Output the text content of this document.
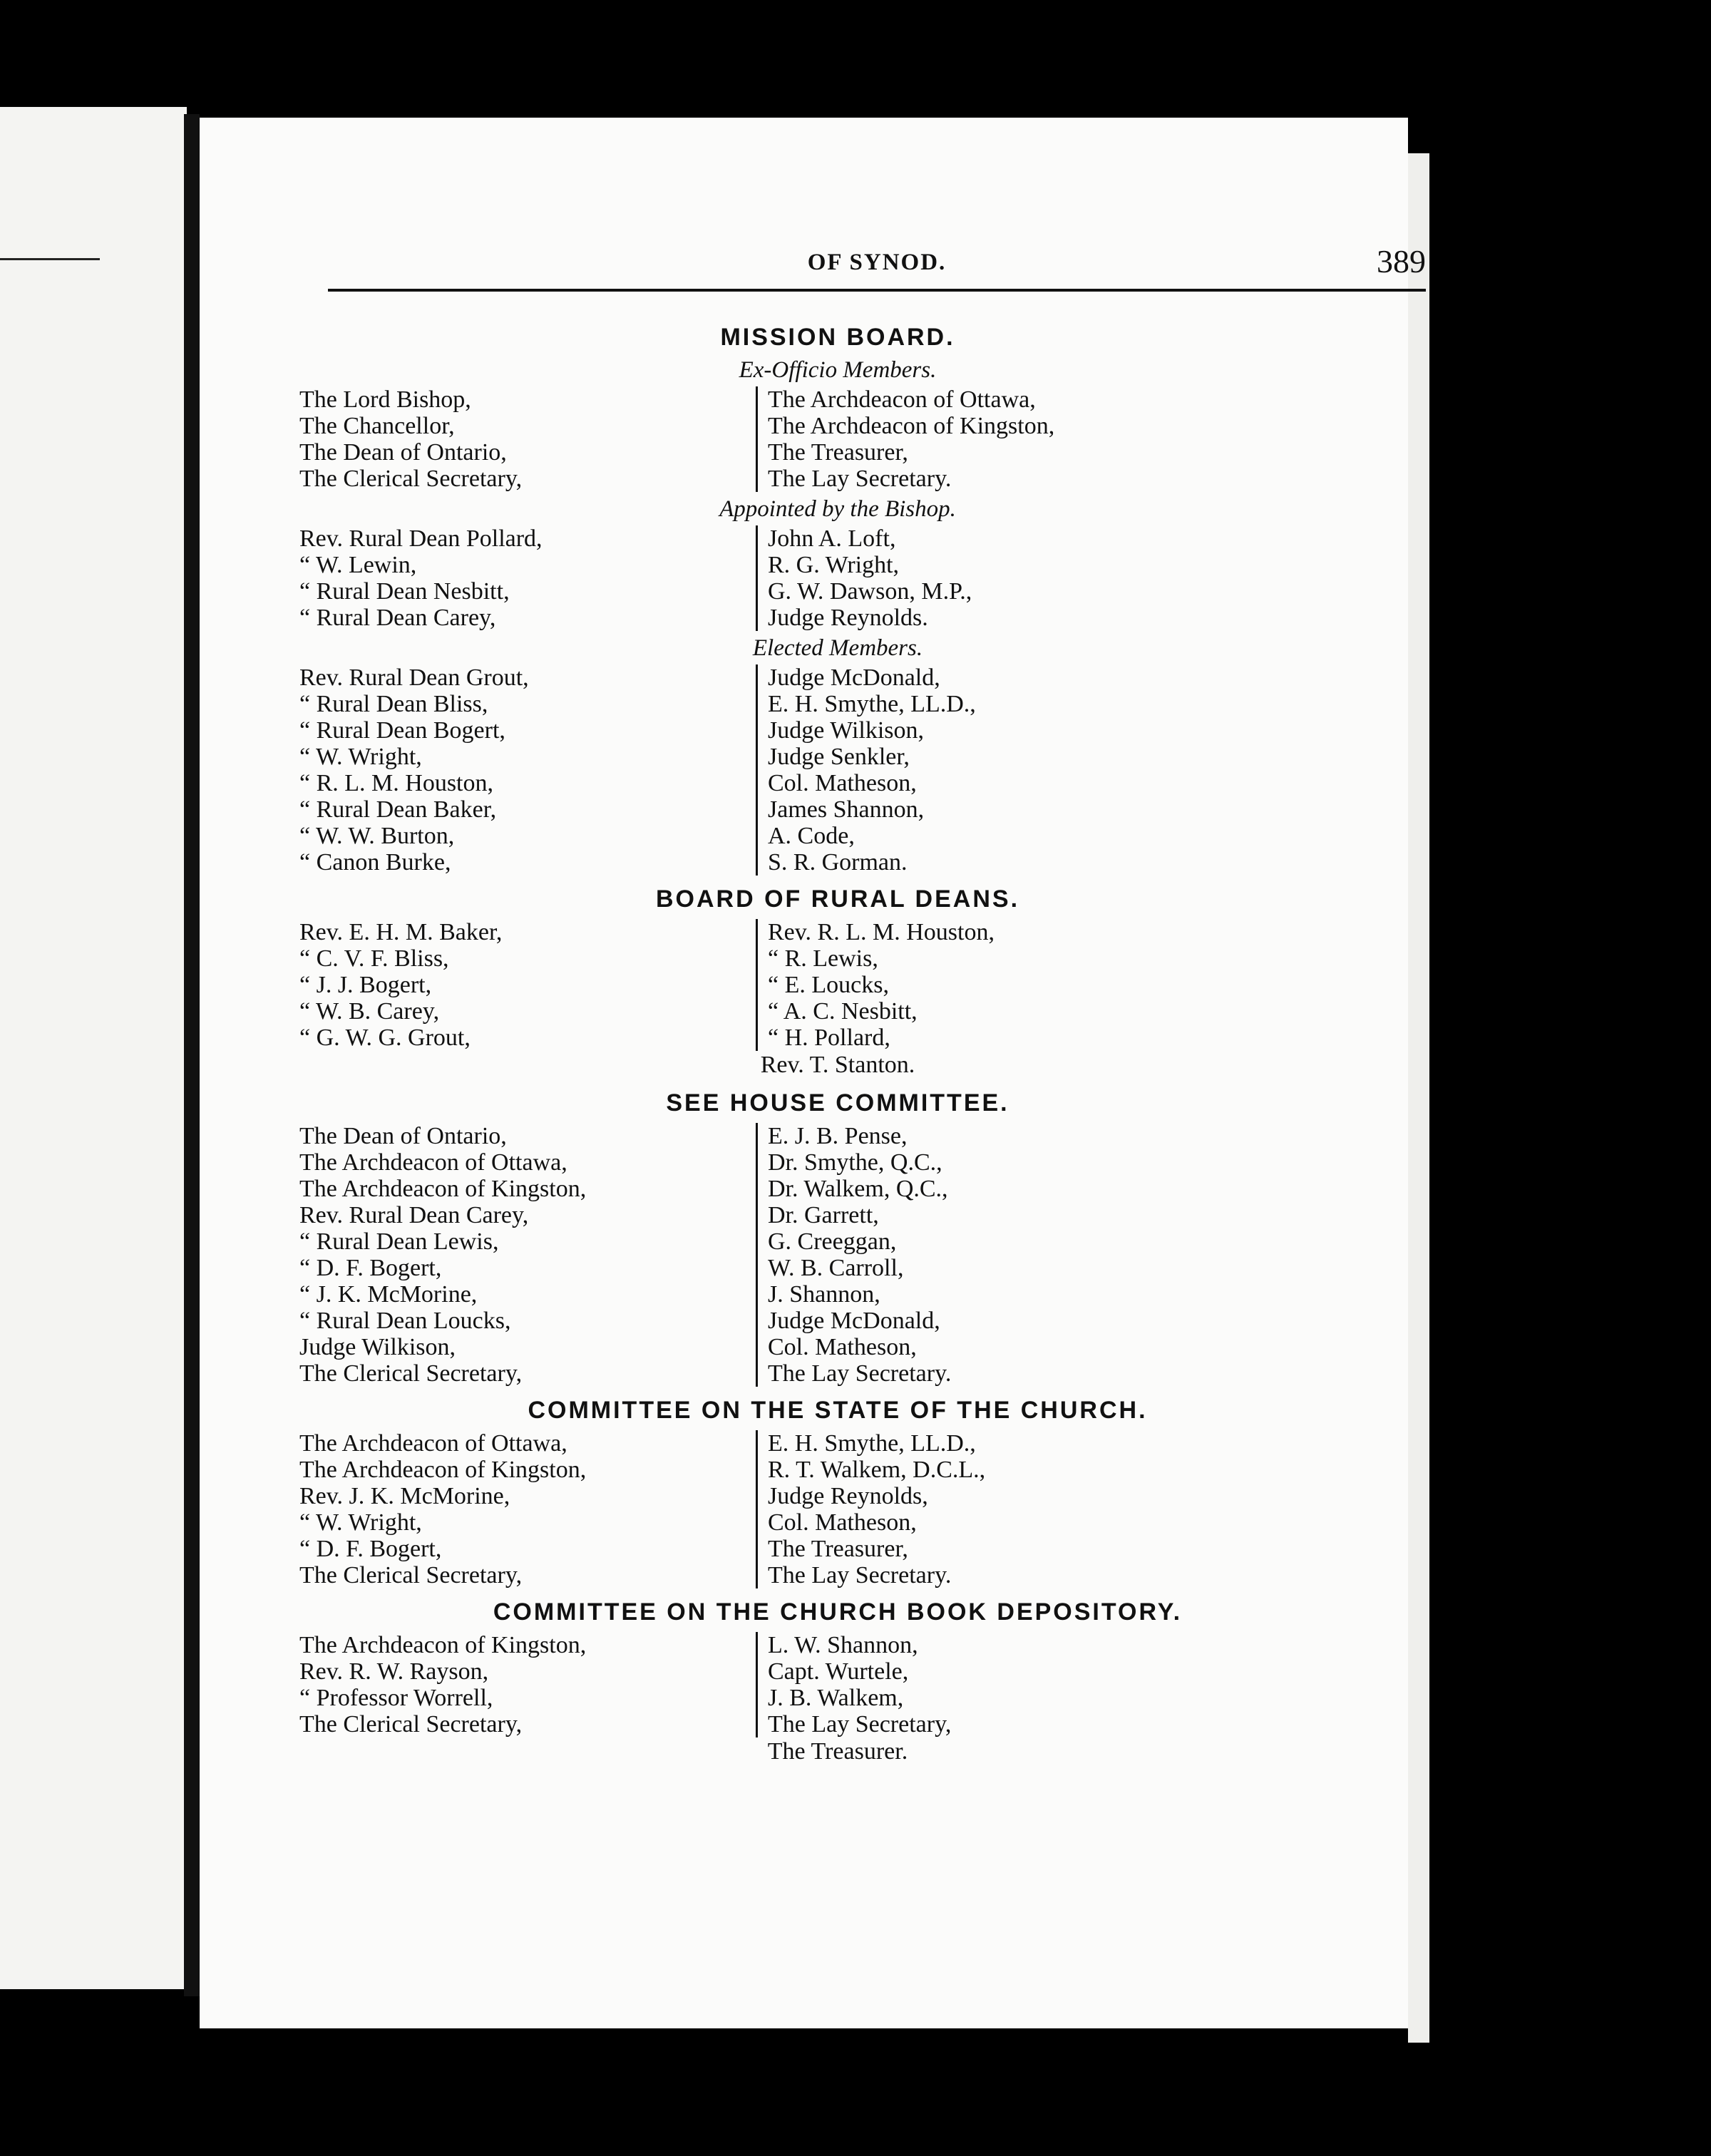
OF SYNOD.	389
MISSION BOARD.
Ex-Officio Members.
The Lord Bishop,
The Chancellor,
The Dean of Ontario,
The Clerical Secretary,
The Archdeacon of Ottawa,
The Archdeacon of Kingston,
The Treasurer,
The Lay Secretary.
Appointed by the Bishop.
Rev. Rural Dean Pollard,
“ W. Lewin,
“ Rural Dean Nesbitt,
“ Rural Dean Carey,
John A. Loft,
R. G. Wright,
G. W. Dawson, M.P.,
Judge Reynolds.
Elected Members.
Rev. Rural Dean Grout,
“ Rural Dean Bliss,
“ Rural Dean Bogert,
“ W. Wright,
“ R. L. M. Houston,
“ Rural Dean Baker,
“ W. W. Burton,
“ Canon Burke,
Judge McDonald,
E. H. Smythe, LL.D.,
Judge Wilkison,
Judge Senkler,
Col. Matheson,
James Shannon,
A. Code,
S. R. Gorman.
BOARD OF RURAL DEANS.
Rev. E. H. M. Baker,
“ C. V. F. Bliss,
“ J. J. Bogert,
“ W. B. Carey,
“ G. W. G. Grout,
Rev. R. L. M. Houston,
“ R. Lewis,
“ E. Loucks,
“ A. C. Nesbitt,
“ H. Pollard,
Rev. T. Stanton.
SEE HOUSE COMMITTEE.
The Dean of Ontario,
The Archdeacon of Ottawa,
The Archdeacon of Kingston,
Rev. Rural Dean Carey,
“ Rural Dean Lewis,
“ D. F. Bogert,
“ J. K. McMorine,
“ Rural Dean Loucks,
Judge Wilkison,
The Clerical Secretary,
E. J. B. Pense,
Dr. Smythe, Q.C.,
Dr. Walkem, Q.C.,
Dr. Garrett,
G. Creeggan,
W. B. Carroll,
J. Shannon,
Judge McDonald,
Col. Matheson,
The Lay Secretary.
COMMITTEE ON THE STATE OF THE CHURCH.
The Archdeacon of Ottawa,
The Archdeacon of Kingston,
Rev. J. K. McMorine,
“ W. Wright,
“ D. F. Bogert,
The Clerical Secretary,
E. H. Smythe, LL.D.,
R. T. Walkem, D.C.L.,
Judge Reynolds,
Col. Matheson,
The Treasurer,
The Lay Secretary.
COMMITTEE ON THE CHURCH BOOK DEPOSITORY.
The Archdeacon of Kingston,
Rev. R. W. Rayson,
“ Professor Worrell,
The Clerical Secretary,
L. W. Shannon,
Capt. Wurtele,
J. B. Walkem,
The Lay Secretary,
The Treasurer.
